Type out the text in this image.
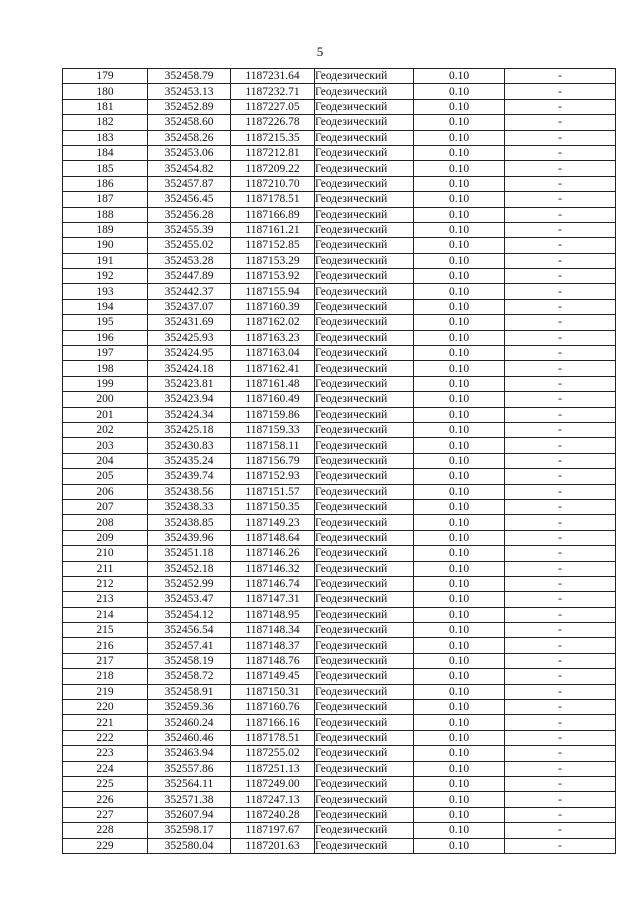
5
179	352458.79	1187231.64	Геодезический	0.10	-
180	352453.13	1187232.71	Геодезический	0.10	-
181	352452.89	1187227.05	Геодезический	0.10	-
182	352458.60	1187226.78	Геодезический	0.10	-
183	352458.26	1187215.35	Геодезический	0.10	-
184	352453.06	1187212.81	Геодезический	0.10	-
185	352454.82	1187209.22	Геодезический	0.10	-
186	352457.87	1187210.70	Геодезический	0.10	-
187	352456.45	1187178.51	Геодезический	0.10	-
188	352456.28	1187166.89	Геодезический	0.10	-
189	352455.39	1187161.21	Геодезический	0.10	-
190	352455.02	1187152.85	Геодезический	0.10	-
191	352453.28	1187153.29	Геодезический	0.10	-
192	352447.89	1187153.92	Геодезический	0.10	-
193	352442.37	1187155.94	Геодезический	0.10	-
194	352437.07	1187160.39	Геодезический	0.10	-
195	352431.69	1187162.02	Геодезический	0.10	-
196	352425.93	1187163.23	Геодезический	0.10	-
197	352424.95	1187163.04	Геодезический	0.10	-
198	352424.18	1187162.41	Геодезический	0.10	-
199	352423.81	1187161.48	Геодезический	0.10	-
200	352423.94	1187160.49	Геодезический	0.10	-
201	352424.34	1187159.86	Геодезический	0.10	-
202	352425.18	1187159.33	Геодезический	0.10	-
203	352430.83	1187158.11	Геодезический	0.10	-
204	352435.24	1187156.79	Геодезический	0.10	-
205	352439.74	1187152.93	Геодезический	0.10	-
206	352438.56	1187151.57	Геодезический	0.10	-
207	352438.33	1187150.35	Геодезический	0.10	-
208	352438.85	1187149.23	Геодезический	0.10	-
209	352439.96	1187148.64	Геодезический	0.10	-
210	352451.18	1187146.26	Геодезический	0.10	-
211	352452.18	1187146.32	Геодезический	0.10	-
212	352452.99	1187146.74	Геодезический	0.10	-
213	352453.47	1187147.31	Геодезический	0.10	-
214	352454.12	1187148.95	Геодезический	0.10	-
215	352456.54	1187148.34	Геодезический	0.10	-
216	352457.41	1187148.37	Геодезический	0.10	-
217	352458.19	1187148.76	Геодезический	0.10	-
218	352458.72	1187149.45	Геодезический	0.10	-
219	352458.91	1187150.31	Геодезический	0.10	-
220	352459.36	1187160.76	Геодезический	0.10	-
221	352460.24	1187166.16	Геодезический	0.10	-
222	352460.46	1187178.51	Геодезический	0.10	-
223	352463.94	1187255.02	Геодезический	0.10	-
224	352557.86	1187251.13	Геодезический	0.10	-
225	352564.11	1187249.00	Геодезический	0.10	-
226	352571.38	1187247.13	Геодезический	0.10	-
227	352607.94	1187240.28	Геодезический	0.10	-
228	352598.17	1187197.67	Геодезический	0.10	-
229	352580.04	1187201.63	Геодезический	0.10	-
